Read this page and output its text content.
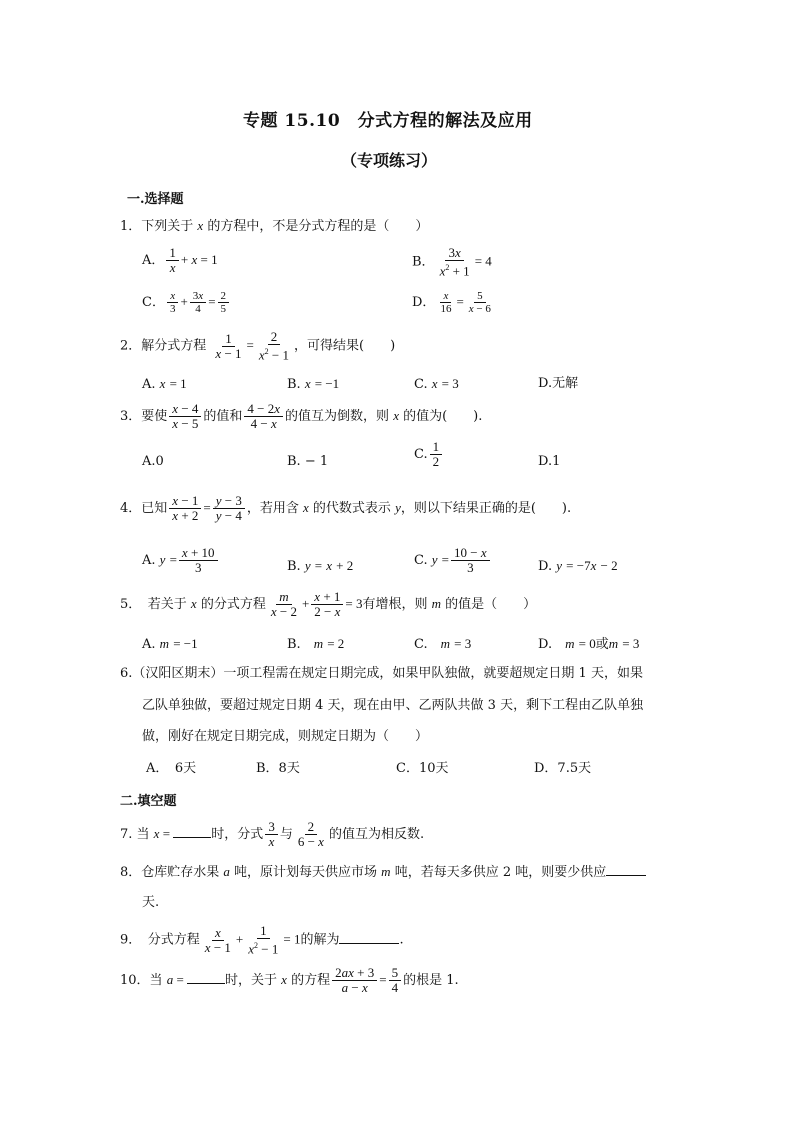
专题 15.10　分式方程的解法及应用
（专项练习）
一.选择题
1．下列关于 x 的方程中，不是分式方程的是（　　）
A． $\frac{1}{x} + x = 1$	B． $\frac{3x}{x^2 + 1} = 4$
C． $\frac{x}{3} + \frac{3x}{4} = \frac{2}{5}$	D． $\frac{x}{16} = \frac{5}{x - 6}$
2．解分式方程 $\frac{1}{x - 1} = \frac{2}{x^2 - 1}$ ，可得结果(　　)
A. x = 1	B. x = −1	C. x = 3	D.无解
3．要使 $\frac{x - 4}{x - 5}$ 的值和 $\frac{4 - 2x}{4 - x}$ 的值互为倒数，则 x 的值为(　　).
A.0	B. − 1	C. $\frac{1}{2}$	D.1
4．已知 $\frac{x - 1}{x + 2} = \frac{y - 3}{y - 4}$ ，若用含 x 的代数式表示 y，则以下结果正确的是(　　).
A. $y = \frac{x + 10}{3}$	B. y = x + 2	C. $y = \frac{10 - x}{3}$	D. y = −7x − 2
5．　若关于 x 的分式方程 $\frac{m}{x - 2} + \frac{x + 1}{2 - x} = 3$有增根，则 m 的值是（　　）
A. m = −1	B.　m = 2	C.　m = 3	D.　m = 0或m = 3
6.（汉阳区期末）一项工程需在规定日期完成，如果甲队独做，就要超规定日期 1 天，如果
乙队单独做，要超过规定日期 4 天，现在由甲、乙两队共做 3 天，剩下工程由乙队单独
做，刚好在规定日期完成，则规定日期为（　　）
A．　6天	B．8天	C．10天	D．7.5天
二.填空题
7. 当 x =	时，分式 $\frac{3}{x}$ 与 $\frac{2}{6 - x}$ 的值互为相反数.
8．仓库贮存水果 a 吨，原计划每天供应市场 m 吨，若每天多供应 2 吨，则要少供应
天.
9．　分式方程 $\frac{x}{x - 1} + \frac{1}{x^2 - 1} = 1$的解为	.
10．当 a =	时，关于 x 的方程 $\frac{2ax + 3}{a - x} = \frac{5}{4}$ 的根是 1.
